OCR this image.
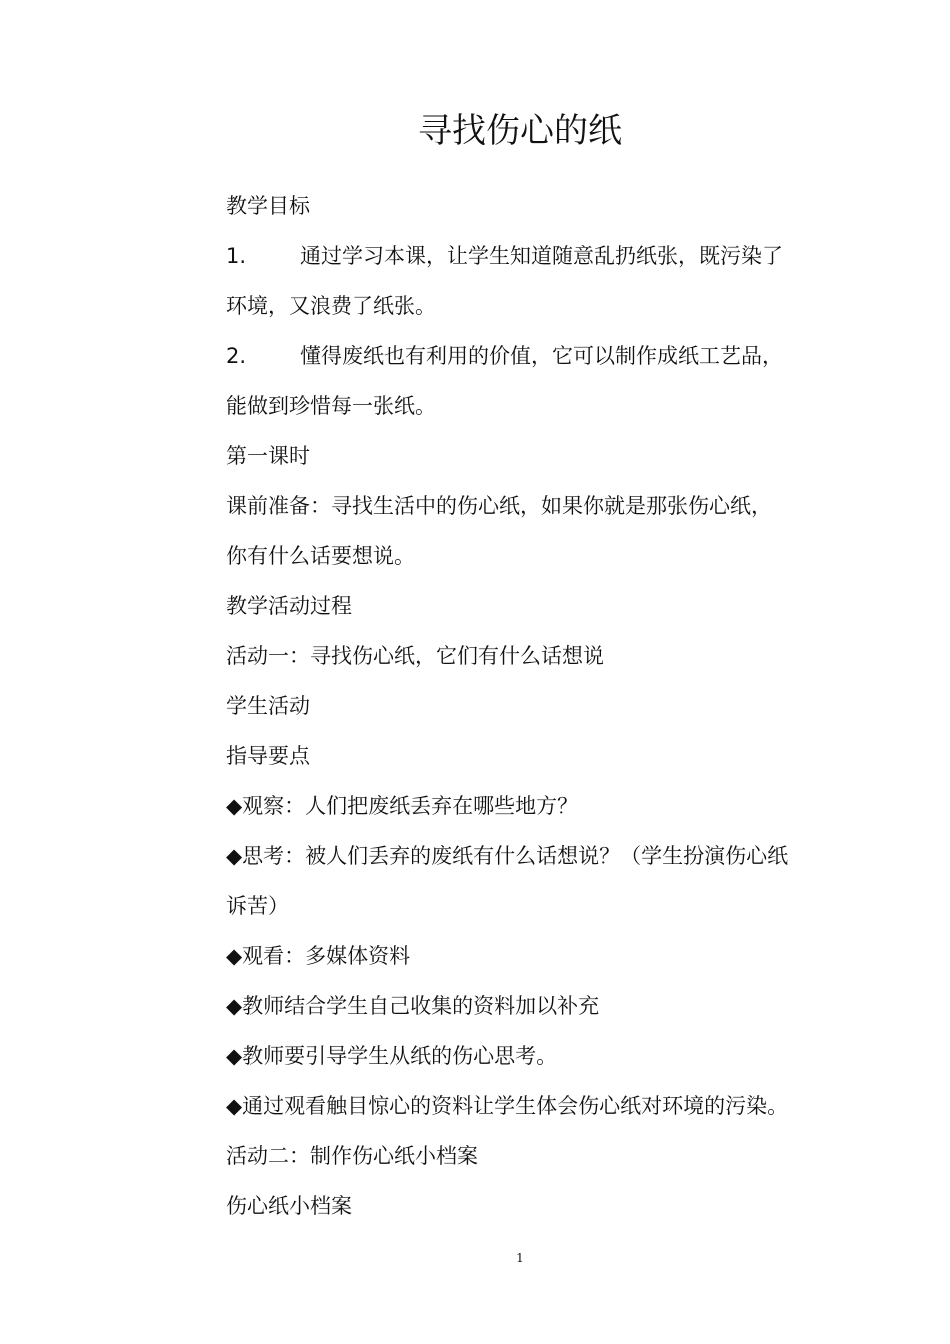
寻找伤心的纸
教学目标
1.	通过学习本课，让学生知道随意乱扔纸张，既污染了
环境，又浪费了纸张。
2.	懂得废纸也有利用的价值，它可以制作成纸工艺品，
能做到珍惜每一张纸。
第一课时
课前准备：寻找生活中的伤心纸，如果你就是那张伤心纸，
你有什么话要想说。
教学活动过程
活动一：寻找伤心纸，它们有什么话想说
学生活动
指导要点
◆观察：人们把废纸丢弃在哪些地方？
◆思考：被人们丢弃的废纸有什么话想说？（学生扮演伤心纸
诉苦）
◆观看：多媒体资料
◆教师结合学生自己收集的资料加以补充
◆教师要引导学生从纸的伤心思考。
◆通过观看触目惊心的资料让学生体会伤心纸对环境的污染。
活动二：制作伤心纸小档案
伤心纸小档案
1
